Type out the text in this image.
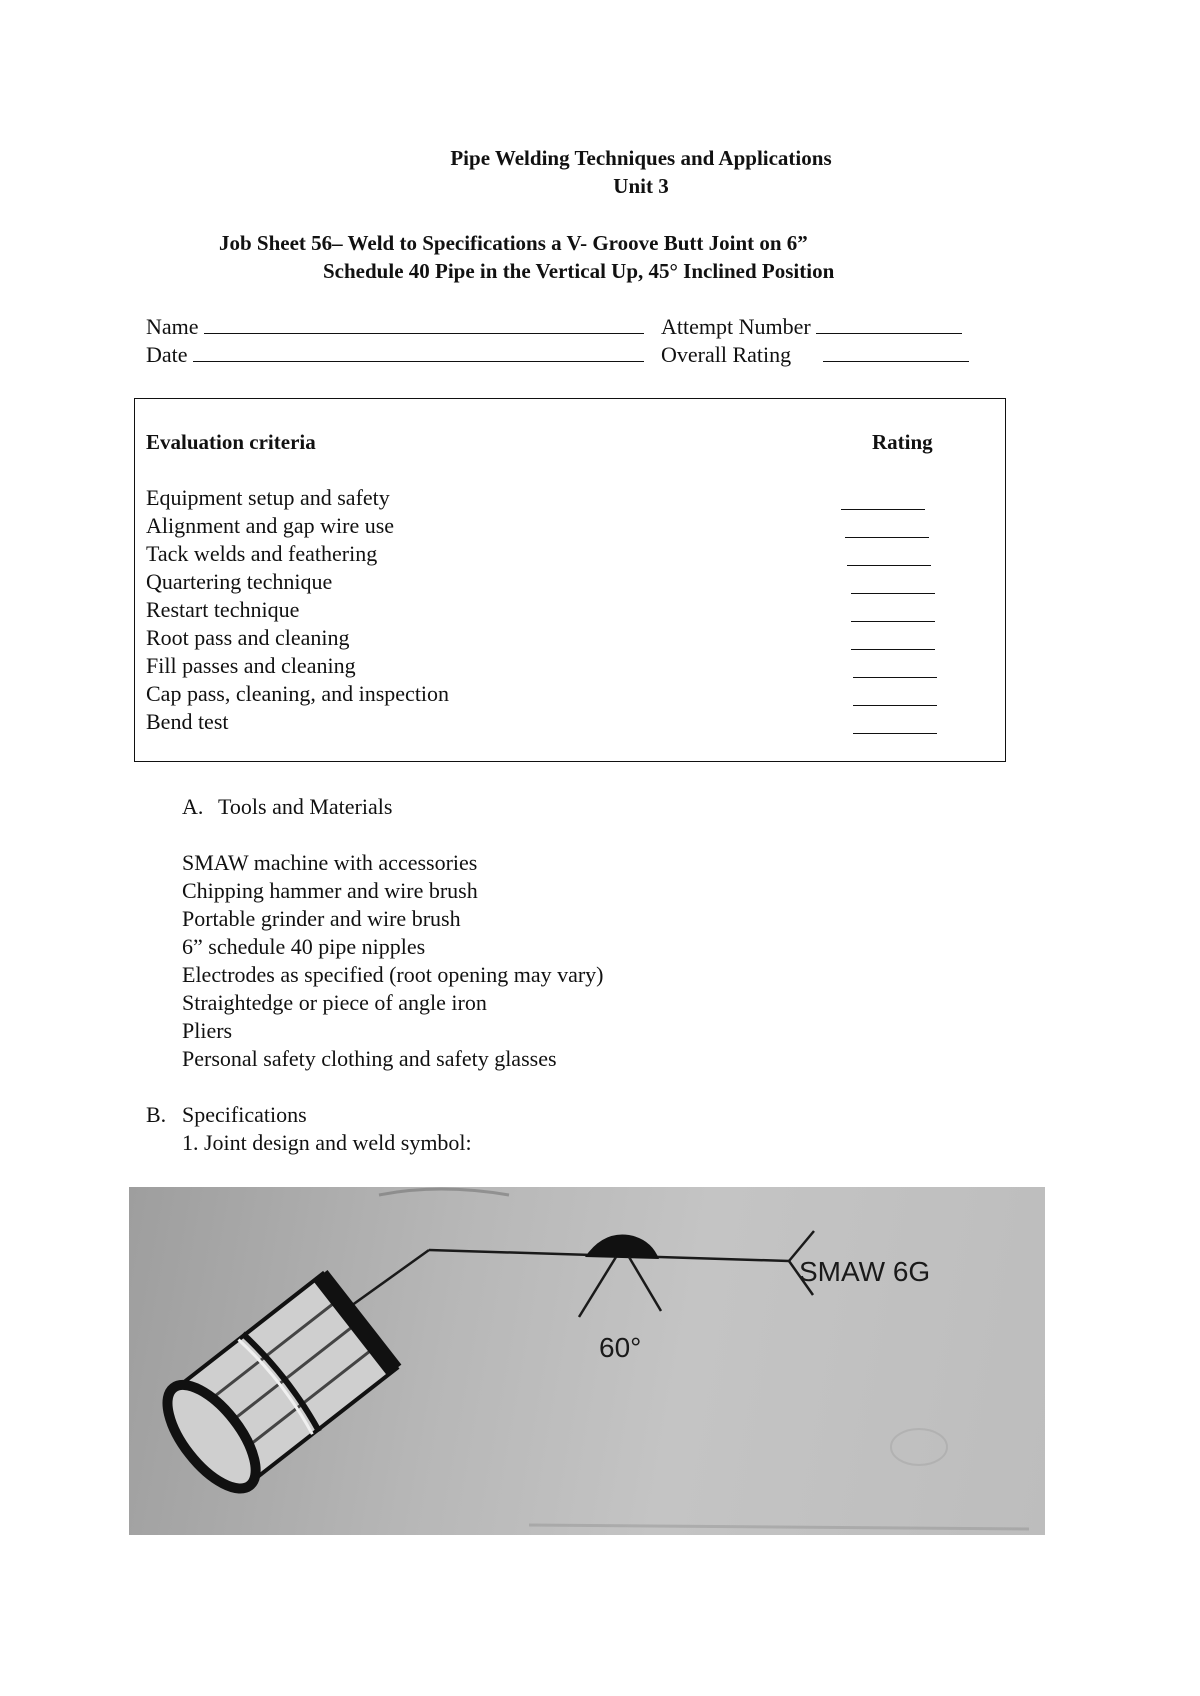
Pipe Welding Techniques and Applications
Unit 3
Job Sheet 56– Weld to Specifications a V- Groove Butt Joint on 6”
Schedule 40 Pipe in the Vertical Up, 45° Inclined Position
Name	Attempt Number
Date	Overall Rating
Evaluation criteria	Rating
Equipment setup and safety
Alignment and gap wire use
Tack welds and feathering
Quartering technique
Restart technique
Root pass and cleaning
Fill passes and cleaning
Cap pass, cleaning, and inspection
Bend test
A. Tools and Materials
SMAW machine with accessories
Chipping hammer and wire brush
Portable grinder and wire brush
6” schedule 40 pipe nipples
Electrodes as specified (root opening may vary)
Straightedge or piece of angle iron
Pliers
Personal safety clothing and safety glasses
B. Specifications
1. Joint design and weld symbol:
SMAW 6G
60°
